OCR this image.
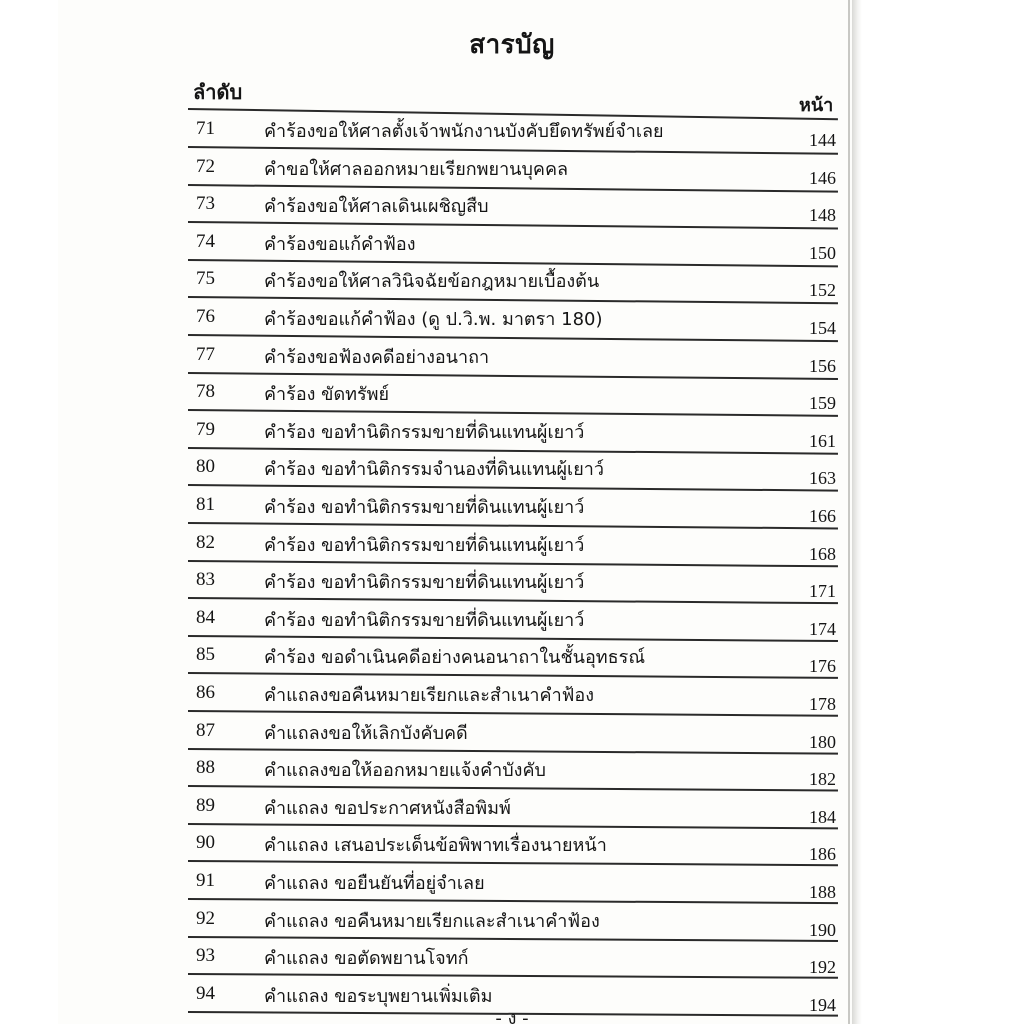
สารบัญ
ลำดับ
หน้า
71	คำร้องขอให้ศาลตั้งเจ้าพนักงานบังคับยึดทรัพย์จำเลย	144
72	คำขอให้ศาลออกหมายเรียกพยานบุคคล	146
73	คำร้องขอให้ศาลเดินเผชิญสืบ	148
74	คำร้องขอแก้คำฟ้อง	150
75	คำร้องขอให้ศาลวินิจฉัยข้อกฎหมายเบื้องต้น	152
76	คำร้องขอแก้คำฟ้อง (ดู ป.วิ.พ. มาตรา 180)	154
77	คำร้องขอฟ้องคดีอย่างอนาถา	156
78	คำร้อง ขัดทรัพย์	159
79	คำร้อง ขอทำนิติกรรมขายที่ดินแทนผู้เยาว์	161
80	คำร้อง ขอทำนิติกรรมจำนองที่ดินแทนผู้เยาว์	163
81	คำร้อง ขอทำนิติกรรมขายที่ดินแทนผู้เยาว์	166
82	คำร้อง ขอทำนิติกรรมขายที่ดินแทนผู้เยาว์	168
83	คำร้อง ขอทำนิติกรรมขายที่ดินแทนผู้เยาว์	171
84	คำร้อง ขอทำนิติกรรมขายที่ดินแทนผู้เยาว์	174
85	คำร้อง ขอดำเนินคดีอย่างคนอนาถาในชั้นอุทธรณ์	176
86	คำแถลงขอคืนหมายเรียกและสำเนาคำฟ้อง	178
87	คำแถลงขอให้เลิกบังคับคดี	180
88	คำแถลงขอให้ออกหมายแจ้งคำบังคับ	182
89	คำแถลง ขอประกาศหนังสือพิมพ์	184
90	คำแถลง เสนอประเด็นข้อพิพาทเรื่องนายหน้า	186
91	คำแถลง ขอยืนยันที่อยู่จำเลย	188
92	คำแถลง ขอคืนหมายเรียกและสำเนาคำฟ้อง	190
93	คำแถลง ขอตัดพยานโจทก์	192
94	คำแถลง ขอระบุพยานเพิ่มเติม	194
- ง -
